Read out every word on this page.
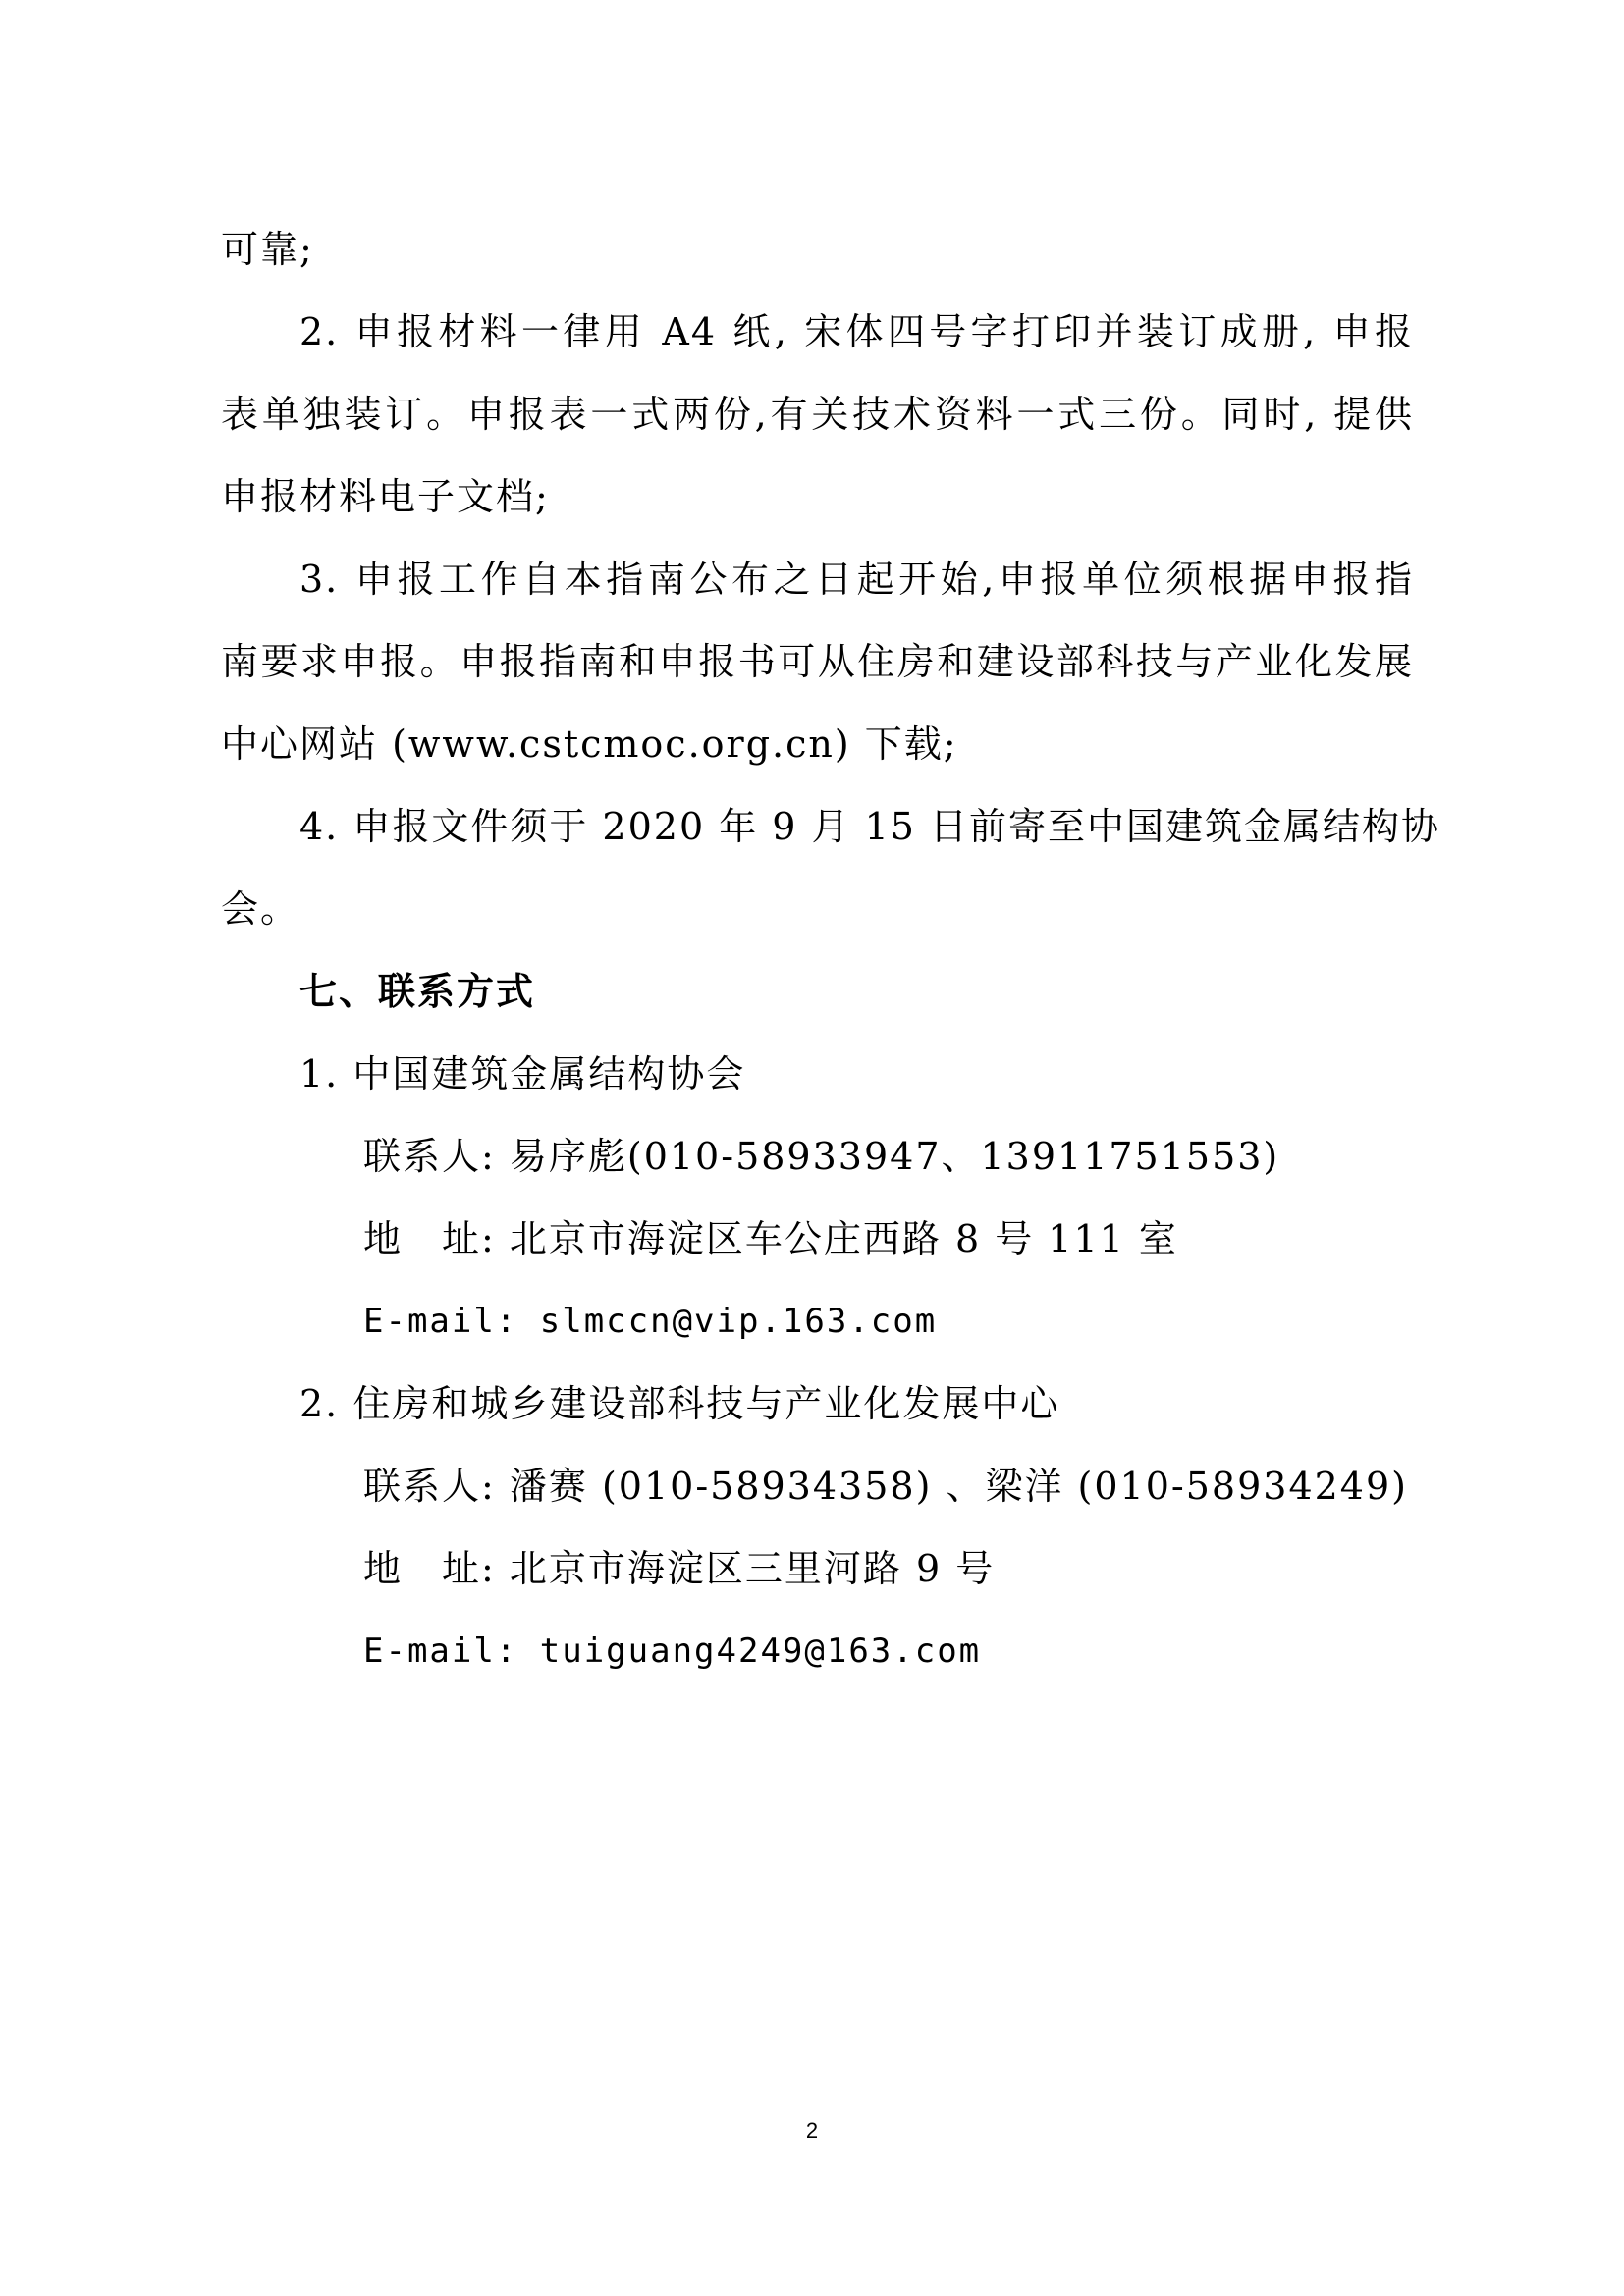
可靠;
2. 申报材料一律用 A4 纸, 宋体四号字打印并装订成册, 申报
表单独装订。申报表一式两份,有关技术资料一式三份。同时, 提供
申报材料电子文档;
3. 申报工作自本指南公布之日起开始,申报单位须根据申报指
南要求申报。申报指南和申报书可从住房和建设部科技与产业化发展
中心网站 (www.cstcmoc.org.cn) 下载;
4. 申报文件须于 2020 年 9 月 15 日前寄至中国建筑金属结构协
会。
七、联系方式
1. 中国建筑金属结构协会
联系人: 易序彪(010-58933947、13911751553)
地　址: 北京市海淀区车公庄西路 8 号 111 室
E-mail: slmccn@vip.163.com
2. 住房和城乡建设部科技与产业化发展中心
联系人: 潘赛 (010-58934358) 、梁洋 (010-58934249)
地　址: 北京市海淀区三里河路 9 号
E-mail: tuiguang4249@163.com
2
